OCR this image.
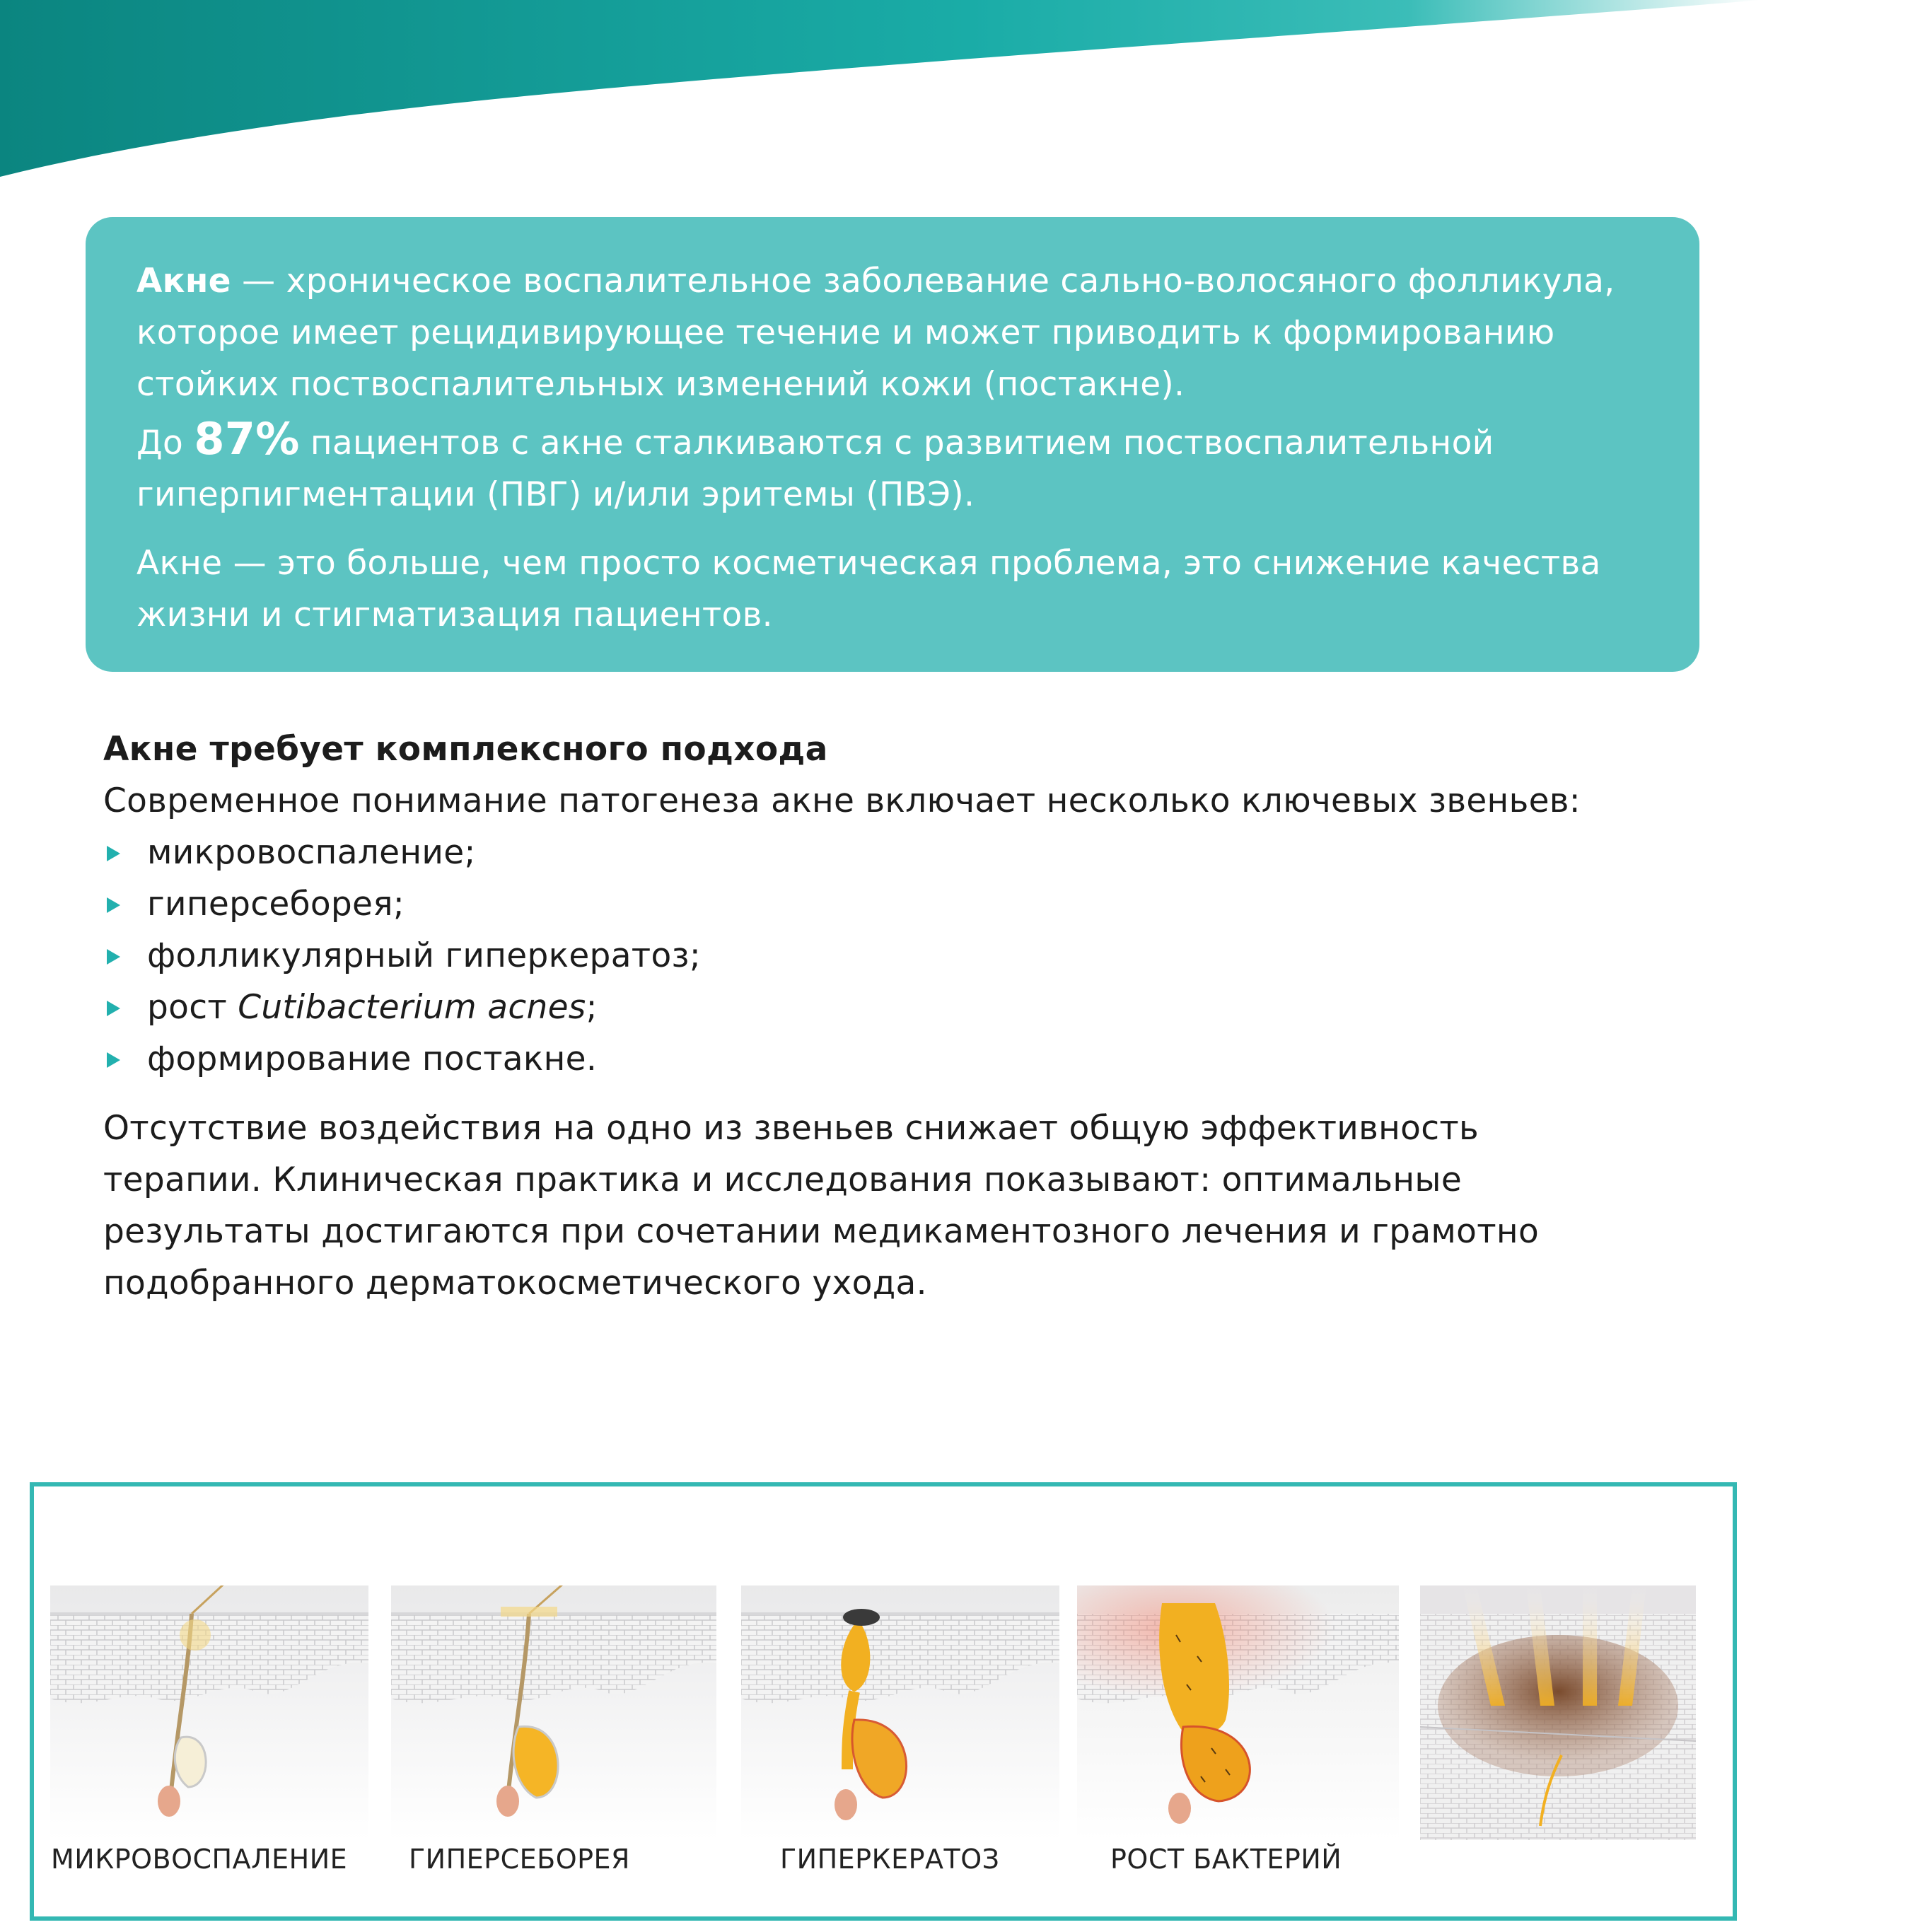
Акне — хроническое воспалительное заболевание сально-волосяного фолликула, которое имеет рецидивирующее течение и может приводить к формированию стойких поствоспалительных изменений кожи (постакне).

До 87% пациентов с акне сталкиваются с развитием поствоспалительной гиперпигментации (ПВГ) и/или эритемы (ПВЭ).

Акне — это больше, чем просто косметическая проблема, это снижение качества жизни и стигматизация пациентов.

Акне требует комплексного подхода

Современное понимание патогенеза акне включает несколько ключевых звеньев:

микровоспаление;
гиперсеборея;
фолликулярный гиперкератоз;
рост Cutibacterium acnes;
формирование постакне.

Отсутствие воздействия на одно из звеньев снижает общую эффективность терапии. Клиническая практика и исследования показывают: оптимальные результаты достигаются при сочетании медикаментозного лечения и грамотно подобранного дерматокосметического ухода.

МИКРОВОСПАЛЕНИЕ ГИПЕРСЕБОРЕЯ	ГИПЕРКЕРАТОЗ	РОСТ БАКТЕРИЙ
